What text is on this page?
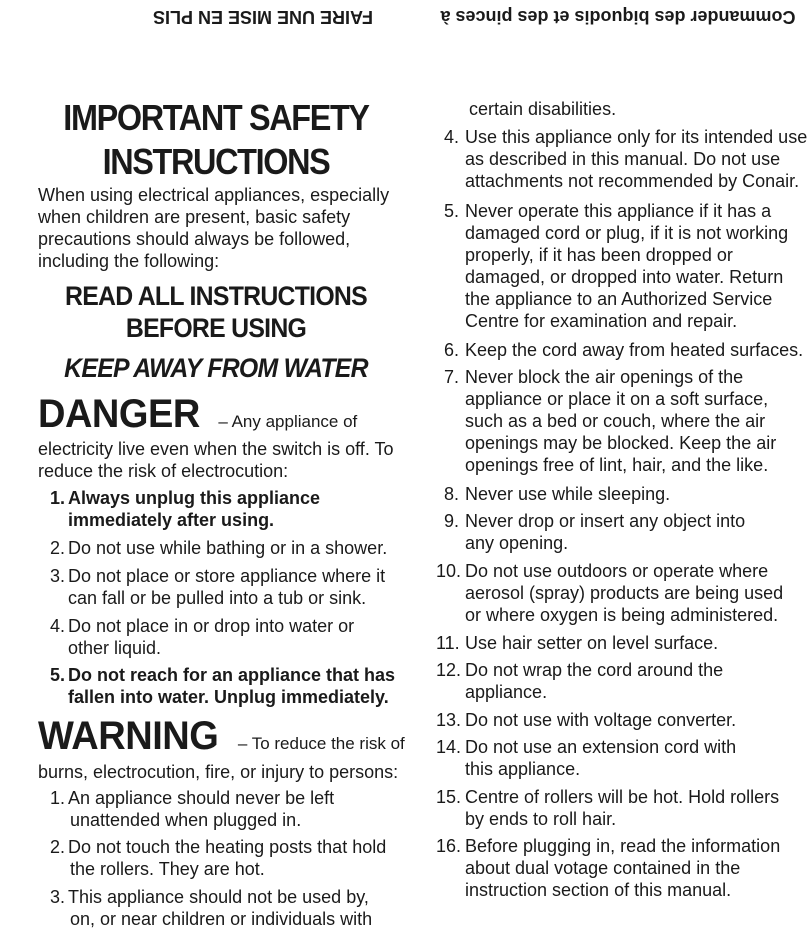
FAIRE UNE MISE EN PLIS	Commander des biquodis et des pinces à
IMPORTANT SAFETY
INSTRUCTIONS
When using electrical appliances, especially
when children are present, basic safety
precautions should always be followed,
including the following:
READ ALL INSTRUCTIONS
BEFORE USING
KEEP AWAY FROM WATER
DANGER – Any appliance of
electricity live even when the switch is off. To
reduce the risk of electrocution:
1. Always unplug this appliance
immediately after using.
2. Do not use while bathing or in a shower.
3. Do not place or store appliance where it
can fall or be pulled into a tub or sink.
4. Do not place in or drop into water or
other liquid.
5. Do not reach for an appliance that has
fallen into water. Unplug immediately.
WARNING – To reduce the risk of
burns, electrocution, fire, or injury to persons:
1. An appliance should never be left
unattended when plugged in.
2. Do not touch the heating posts that hold
the rollers. They are hot.
3. This appliance should not be used by,
on, or near children or individuals with
certain disabilities.
4. Use this appliance only for its intended use
as described in this manual. Do not use
attachments not recommended by Conair.
5. Never operate this appliance if it has a
damaged cord or plug, if it is not working
properly, if it has been dropped or
damaged, or dropped into water. Return
the appliance to an Authorized Service
Centre for examination and repair.
6. Keep the cord away from heated surfaces.
7. Never block the air openings of the
appliance or place it on a soft surface,
such as a bed or couch, where the air
openings may be blocked. Keep the air
openings free of lint, hair, and the like.
8. Never use while sleeping.
9. Never drop or insert any object into
any opening.
10. Do not use outdoors or operate where
aerosol (spray) products are being used
or where oxygen is being administered.
11. Use hair setter on level surface.
12. Do not wrap the cord around the
appliance.
13. Do not use with voltage converter.
14. Do not use an extension cord with
this appliance.
15. Centre of rollers will be hot. Hold rollers
by ends to roll hair.
16. Before plugging in, read the information
about dual votage contained in the
instruction section of this manual.
